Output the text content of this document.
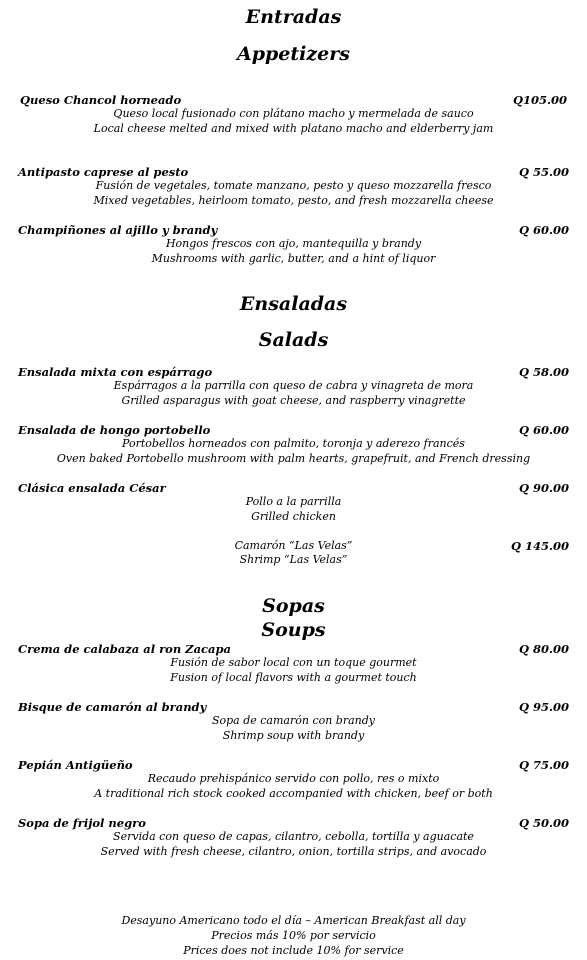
Entradas
Appetizers
Queso Chancol horneado	Q105.00
Queso local fusionado con plátano macho y mermelada de sauco
Local cheese melted and mixed with platano macho and elderberry jam
Antipasto caprese al pesto	Q 55.00
Fusión de vegetales, tomate manzano, pesto y queso mozzarella fresco
Mixed vegetables, heirloom tomato, pesto, and fresh mozzarella cheese
Champiñones al ajillo y brandy	Q 60.00
Hongos frescos con ajo, mantequilla y brandy
Mushrooms with garlic, butter, and a hint of liquor
Ensaladas
Salads
Ensalada mixta con espárrago	Q 58.00
Espárragos a la parrilla con queso de cabra y vinagreta de mora
Grilled asparagus with goat cheese, and raspberry vinagrette
Ensalada de hongo portobello	Q 60.00
Portobellos horneados con palmito, toronja y aderezo francés
Oven baked Portobello mushroom with palm hearts, grapefruit, and French dressing
Clásica ensalada César	Q 90.00
Pollo a la parrilla
Grilled chicken
Camarón “Las Velas”	Q 145.00
Shrimp “Las Velas”
Sopas
Soups
Crema de calabaza al ron Zacapa	Q 80.00
Fusión de sabor local con un toque gourmet
Fusion of local flavors with a gourmet touch
Bisque de camarón al brandy	Q 95.00
Sopa de camarón con brandy
Shrimp soup with brandy
Pepián Antigüeño	Q 75.00
Recaudo prehispánico servido con pollo, res o mixto
A traditional rich stock cooked accompanied with chicken, beef or both
Sopa de frijol negro	Q 50.00
Servida con queso de capas, cilantro, cebolla, tortilla y aguacate
Served with fresh cheese, cilantro, onion, tortilla strips, and avocado
Desayuno Americano todo el día – American Breakfast all day
Precios más 10% por servicio
Prices does not include 10% for service
